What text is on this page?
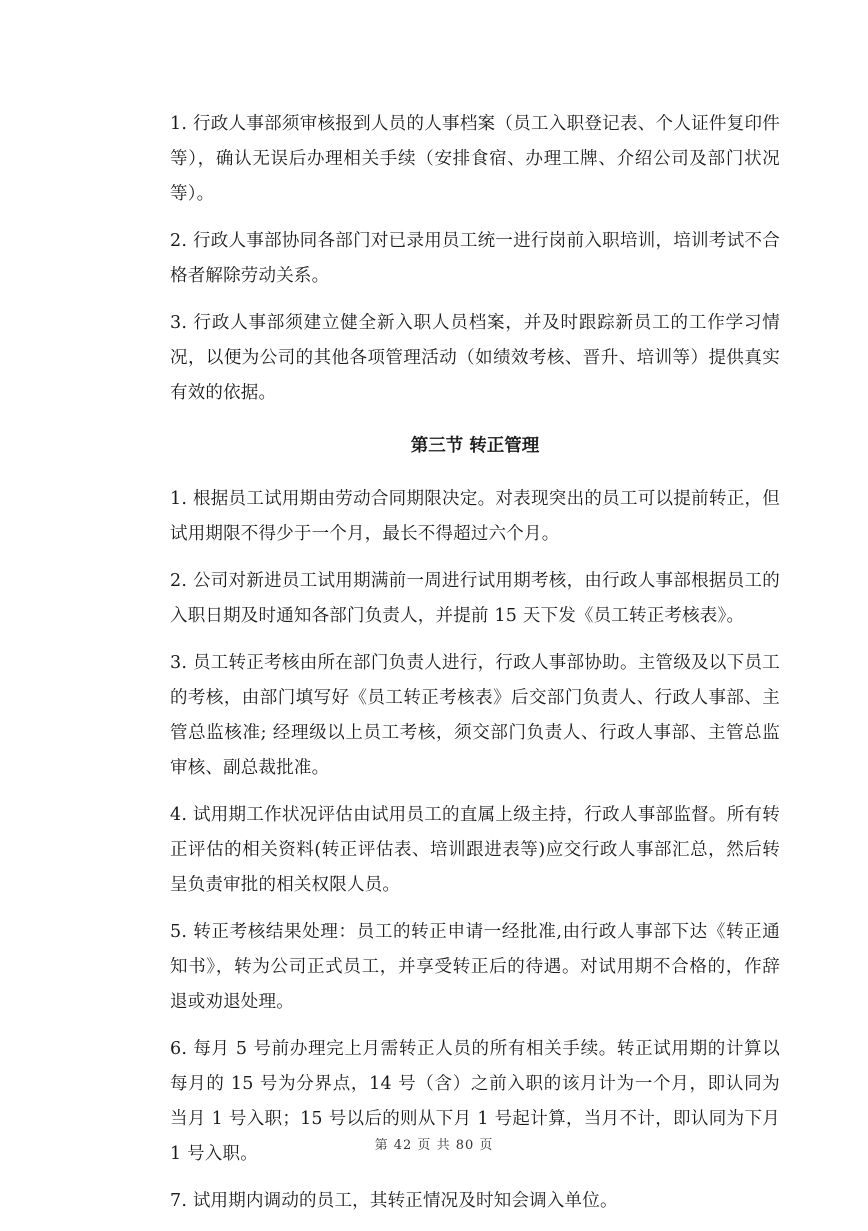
1. 行政人事部须审核报到人员的人事档案（员工入职登记表、个人证件复印件等），确认无误后办理相关手续（安排食宿、办理工牌、介绍公司及部门状况等）。

2. 行政人事部协同各部门对已录用员工统一进行岗前入职培训，培训考试不合格者解除劳动关系。

3. 行政人事部须建立健全新入职人员档案，并及时跟踪新员工的工作学习情况，以便为公司的其他各项管理活动（如绩效考核、晋升、培训等）提供真实有效的依据。

第三节 转正管理

1. 根据员工试用期由劳动合同期限决定。对表现突出的员工可以提前转正，但试用期限不得少于一个月，最长不得超过六个月。

2. 公司对新进员工试用期满前一周进行试用期考核，由行政人事部根据员工的入职日期及时通知各部门负责人，并提前 15 天下发《员工转正考核表》。

3. 员工转正考核由所在部门负责人进行，行政人事部协助。主管级及以下员工的考核，由部门填写好《员工转正考核表》后交部门负责人、行政人事部、主管总监核准; 经理级以上员工考核，须交部门负责人、行政人事部、主管总监审核、副总裁批准。

4. 试用期工作状况评估由试用员工的直属上级主持，行政人事部监督。所有转正评估的相关资料(转正评估表、培训跟进表等)应交行政人事部汇总，然后转呈负责审批的相关权限人员。

5. 转正考核结果处理：员工的转正申请一经批准,由行政人事部下达《转正通知书》，转为公司正式员工，并享受转正后的待遇。对试用期不合格的，作辞退或劝退处理。

6. 每月 5 号前办理完上月需转正人员的所有相关手续。转正试用期的计算以每月的 15 号为分界点，14 号（含）之前入职的该月计为一个月，即认同为当月 1 号入职；15 号以后的则从下月 1 号起计算，当月不计，即认同为下月 1 号入职。

7. 试用期内调动的员工，其转正情况及时知会调入单位。

第 42 页 共 80 页
